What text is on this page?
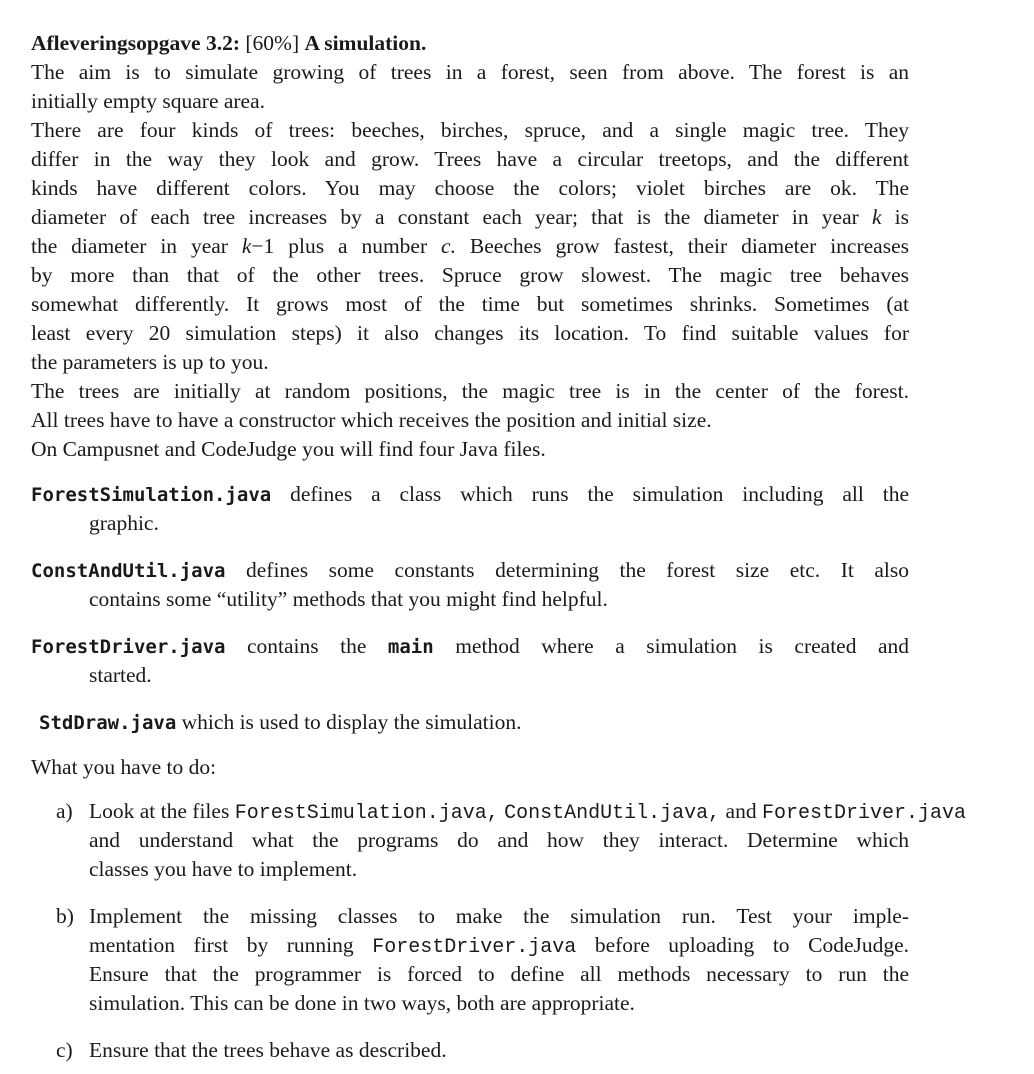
Afleveringsopgave 3.2: [60%] A simulation.
The aim is to simulate growing of trees in a forest, seen from above. The forest is an
initially empty square area.
There are four kinds of trees: beeches, birches, spruce, and a single magic tree. They
differ in the way they look and grow. Trees have a circular treetops, and the different
kinds have different colors. You may choose the colors; violet birches are ok. The
diameter of each tree increases by a constant each year; that is the diameter in year k is
the diameter in year k−1 plus a number c. Beeches grow fastest, their diameter increases
by more than that of the other trees. Spruce grow slowest. The magic tree behaves
somewhat differently. It grows most of the time but sometimes shrinks. Sometimes (at
least every 20 simulation steps) it also changes its location. To find suitable values for
the parameters is up to you.
The trees are initially at random positions, the magic tree is in the center of the forest.
All trees have to have a constructor which receives the position and initial size.
On Campusnet and CodeJudge you will find four Java files.
ForestSimulation.java defines a class which runs the simulation including all the
graphic.
ConstAndUtil.java defines some constants determining the forest size etc. It also
contains some “utility” methods that you might find helpful.
ForestDriver.java contains the main method where a simulation is created and
started.
StdDraw.java which is used to display the simulation.
What you have to do:
a) Look at the files ForestSimulation.java, ConstAndUtil.java, and ForestDriver.java
and understand what the programs do and how they interact. Determine which
classes you have to implement.
b) Implement the missing classes to make the simulation run. Test your imple-
mentation first by running ForestDriver.java before uploading to CodeJudge.
Ensure that the programmer is forced to define all methods necessary to run the
simulation. This can be done in two ways, both are appropriate.
c) Ensure that the trees behave as described.
